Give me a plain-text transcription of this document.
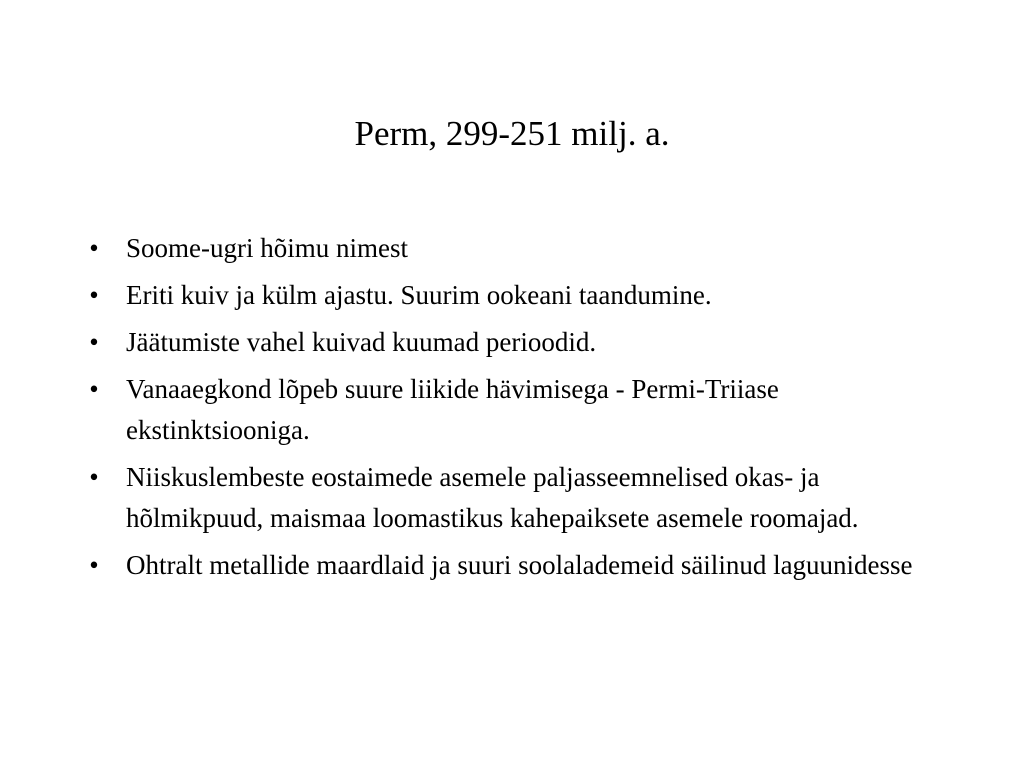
Perm, 299-251 milj. a.
• Soome-ugri hõimu nimest
• Eriti kuiv ja külm ajastu. Suurim ookeani taandumine.
• Jäätumiste vahel kuivad kuumad perioodid.
• Vanaaegkond lõpeb suure liikide hävimisega - Permi-Triiase ekstinktsiooniga.
• Niiskuslembeste eostaimede asemele paljasseemnelised okas- ja hõlmikpuud, maismaa loomastikus kahepaiksete asemele roomajad.
• Ohtralt metallide maardlaid ja suuri soolalademeid säilinud laguunidesse
